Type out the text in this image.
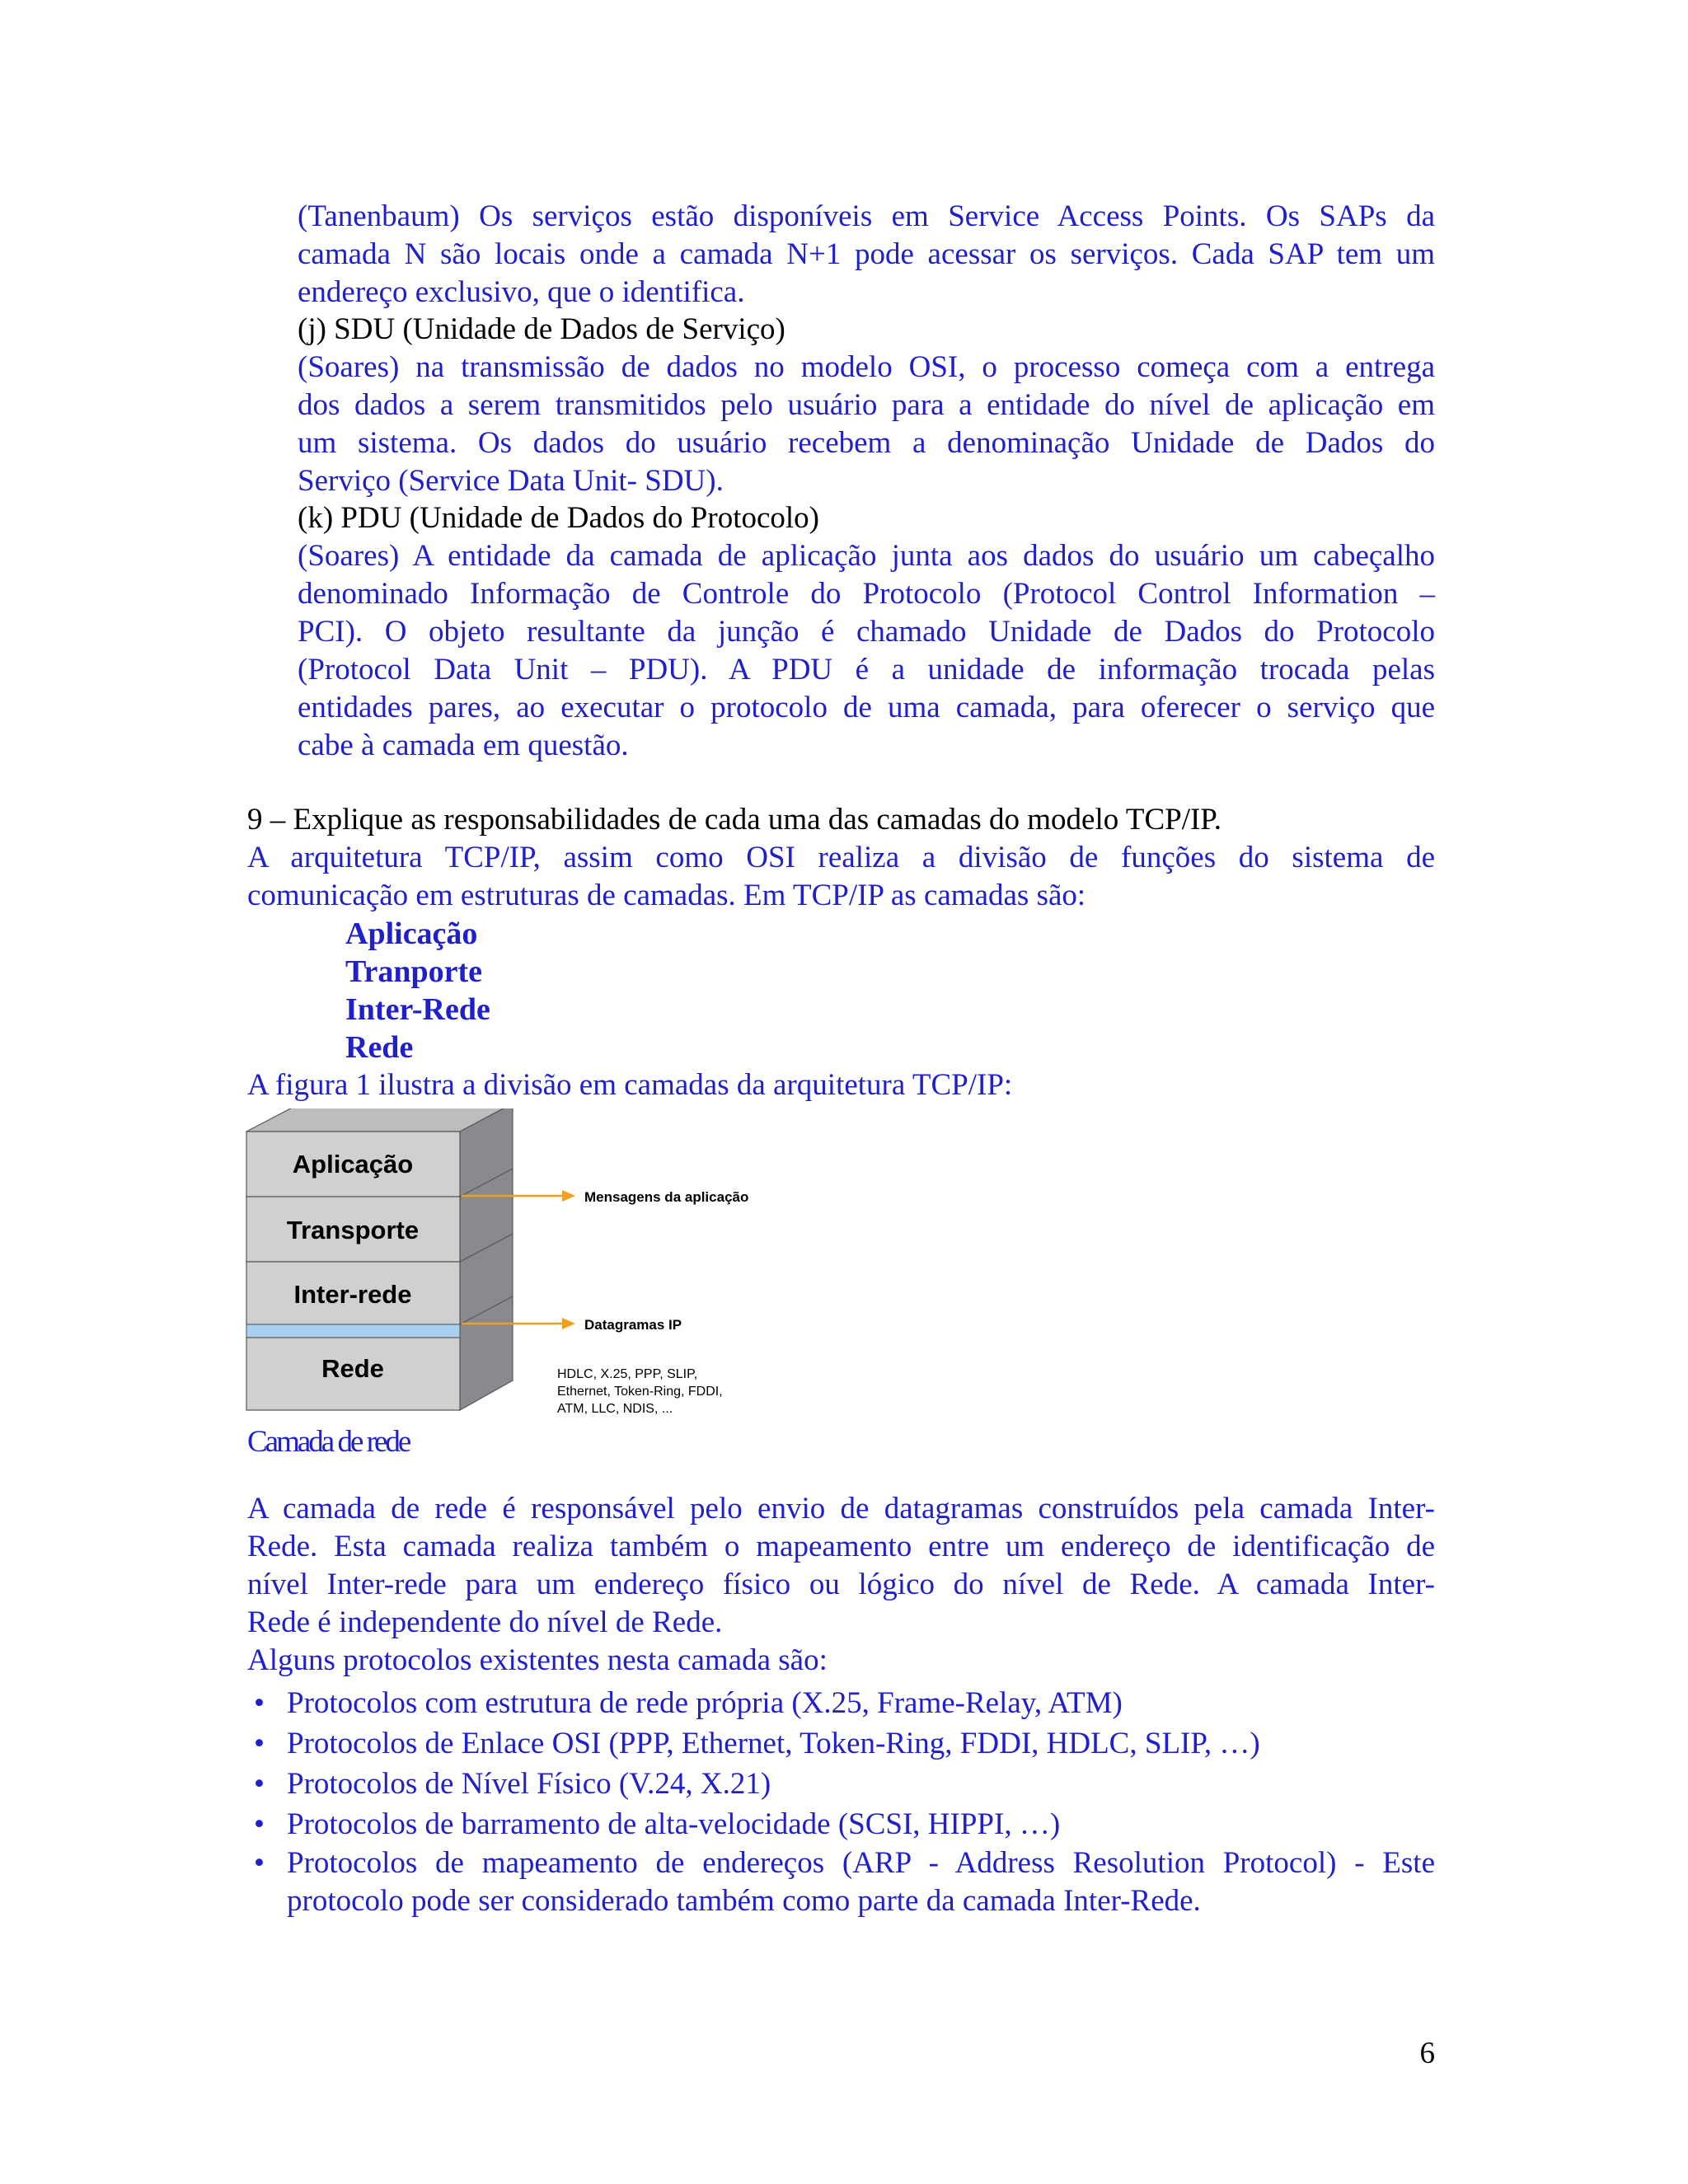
(Tanenbaum) Os serviços estão disponíveis em Service Access Points. Os SAPs da
camada N são locais onde a camada N+1 pode acessar os serviços. Cada SAP tem um
endereço exclusivo, que o identifica.
(j) SDU (Unidade de Dados de Serviço)
(Soares) na transmissão de dados no modelo OSI, o processo começa com a entrega
dos dados a serem transmitidos pelo usuário para a entidade do nível de aplicação em
um sistema. Os dados do usuário recebem a denominação Unidade de Dados do
Serviço (Service Data Unit- SDU).
(k) PDU (Unidade de Dados do Protocolo)
(Soares) A entidade da camada de aplicação junta aos dados do usuário um cabeçalho
denominado Informação de Controle do Protocolo (Protocol Control Information –
PCI). O objeto resultante da junção é chamado Unidade de Dados do Protocolo
(Protocol Data Unit – PDU). A PDU é a unidade de informação trocada pelas
entidades pares, ao executar o protocolo de uma camada, para oferecer o serviço que
cabe à camada em questão.
9 – Explique as responsabilidades de cada uma das camadas do modelo TCP/IP.
A arquitetura TCP/IP, assim como OSI realiza a divisão de funções do sistema de
comunicação em estruturas de camadas. Em TCP/IP as camadas são:
Aplicação
Tranporte
Inter-Rede
Rede
A figura 1 ilustra a divisão em camadas da arquitetura TCP/IP:
Aplicação
Transporte
Inter-rede
Rede
Mensagens da aplicação
Datagramas IP
HDLC, X.25, PPP, SLIP,
Ethernet, Token-Ring, FDDI,
ATM, LLC, NDIS, ...
Camada de rede
A camada de rede é responsável pelo envio de datagramas construídos pela camada Inter-
Rede. Esta camada realiza também o mapeamento entre um endereço de identificação de
nível Inter-rede para um endereço físico ou lógico do nível de Rede. A camada Inter-
Rede é independente do nível de Rede.
Alguns protocolos existentes nesta camada são:
• Protocolos com estrutura de rede própria (X.25, Frame-Relay, ATM)
• Protocolos de Enlace OSI (PPP, Ethernet, Token-Ring, FDDI, HDLC, SLIP, …)
• Protocolos de Nível Físico (V.24, X.21)
• Protocolos de barramento de alta-velocidade (SCSI, HIPPI, …)
• Protocolos de mapeamento de endereços (ARP - Address Resolution Protocol) - Este protocolo pode ser considerado também como parte da camada Inter-Rede.
6
